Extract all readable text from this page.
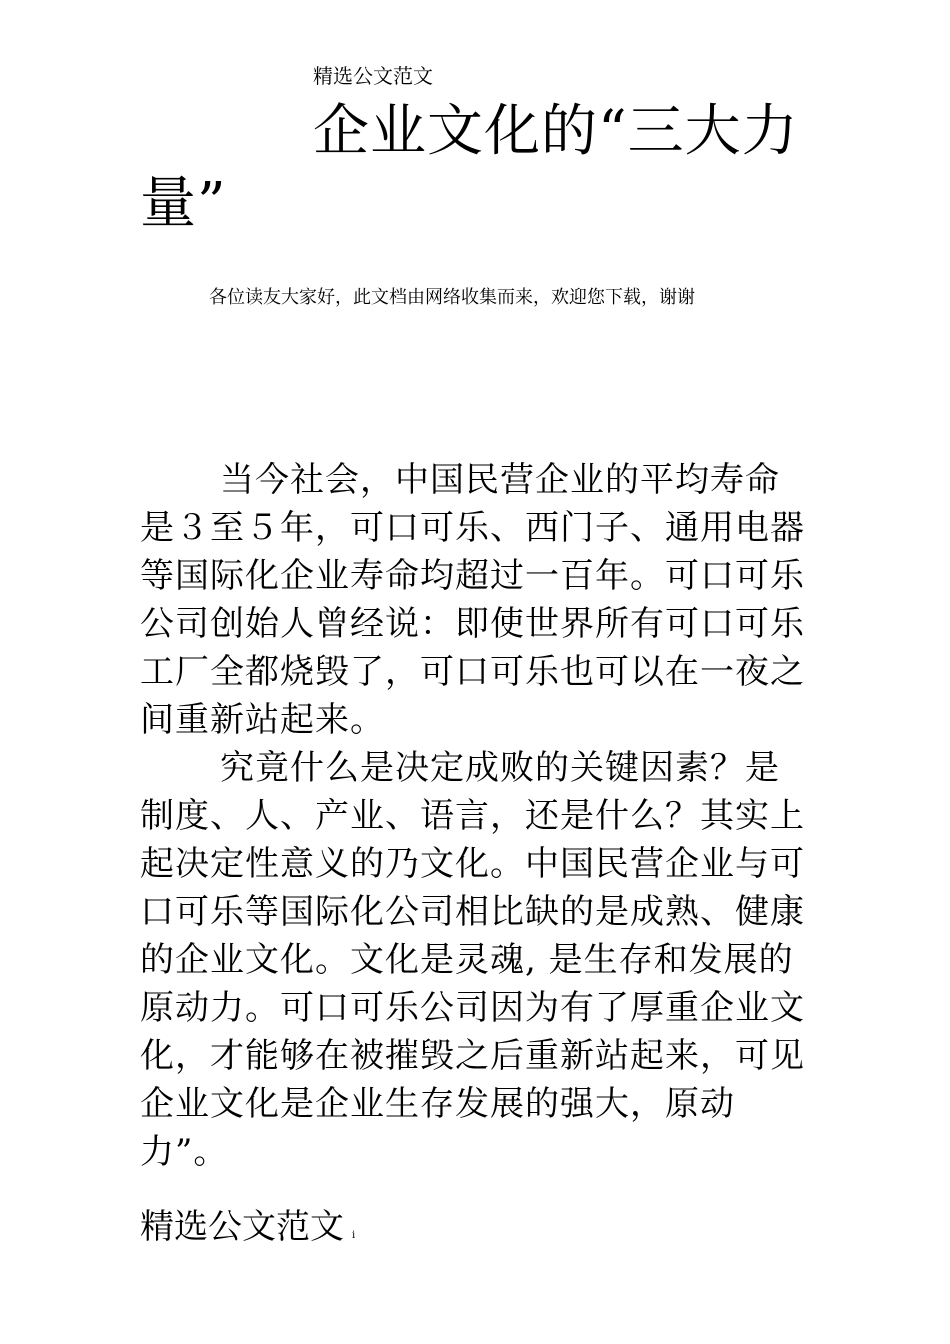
精选公文范文

企业文化的“三大力量”

各位读友大家好，此文档由网络收集而来，欢迎您下载，谢谢

当今社会，中国民营企业的平均寿命是３至５年，可口可乐、西门子、通用电器等国际化企业寿命均超过一百年。可口可乐公司创始人曾经说：即使世界所有可口可乐工厂全都烧毁了，可口可乐也可以在一夜之间重新站起来。

究竟什么是决定成败的关键因素？是制度、人、产业、语言，还是什么？其实上起决定性意义的乃文化。中国民营企业与可口可乐等国际化公司相比缺的是成熟、健康的企业文化。文化是灵魂, 是生存和发展的原动力。可口可乐公司因为有了厚重企业文化，才能够在被摧毁之后重新站起来，可见企业文化是企业生存发展的强大，原动力”。

精选公文范文 i
